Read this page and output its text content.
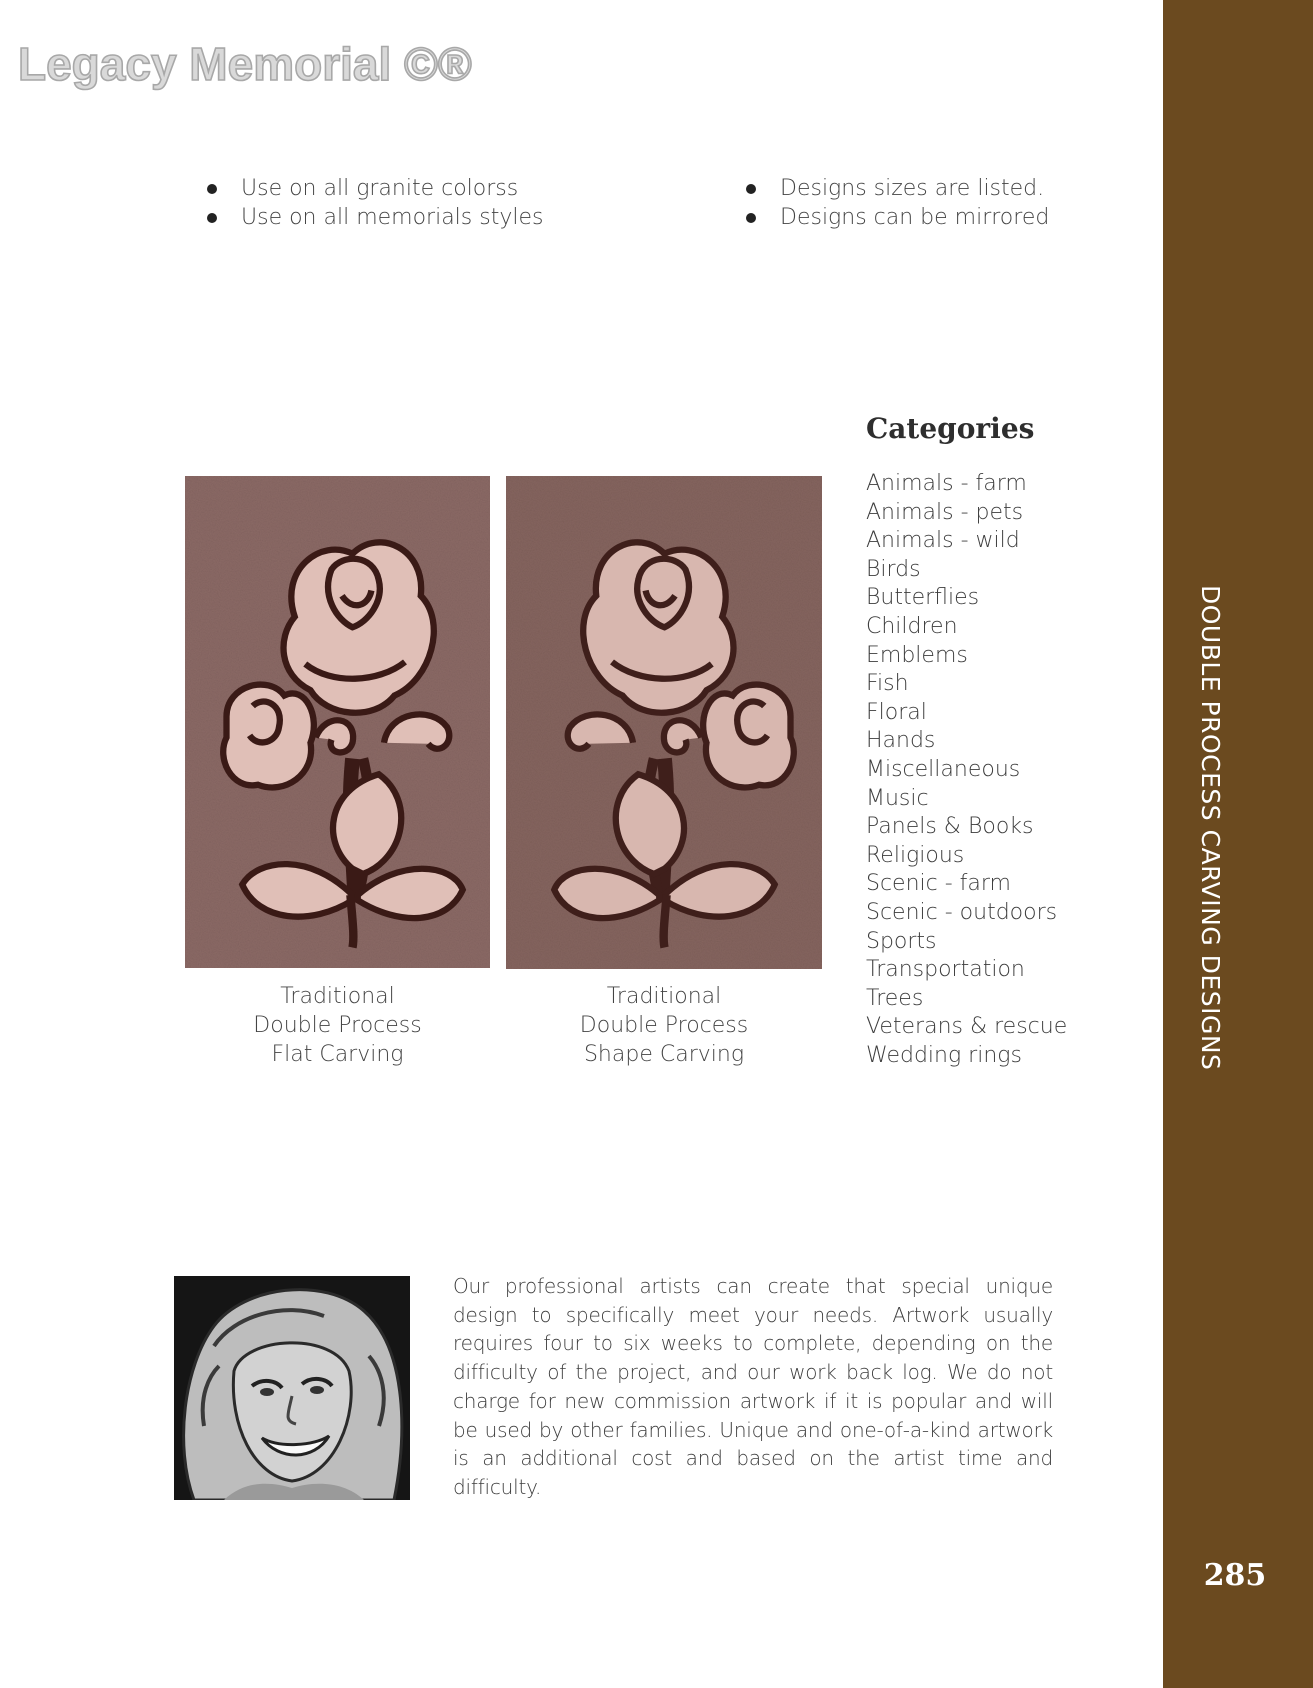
Legacy Memorial ©®
Use on all granite colorss
Use on all memorials styles
Designs sizes are listed.
Designs can be mirrored
Categories
Animals - farm
Animals - pets
Animals - wild
Birds
Butterflies
Children
Emblems
Fish
Floral
Hands
Miscellaneous
Music
Panels & Books
Religious
Scenic - farm
Scenic - outdoors
Sports
Transportation
Trees
Veterans & rescue
Wedding rings
Traditional
Double Process
Flat Carving
Traditional
Double Process
Shape Carving
Our professional artists can create that special unique design to specifically meet your needs. Artwork usually requires four to six weeks to complete, depending on the difficulty of the project, and our work back log. We do not charge for new commission artwork if it is popular and will be used by other families. Unique and one-of-a-kind artwork is an additional cost and based on the artist time and difficulty.
DOUBLE PROCESS CARVING DESIGNS
285
